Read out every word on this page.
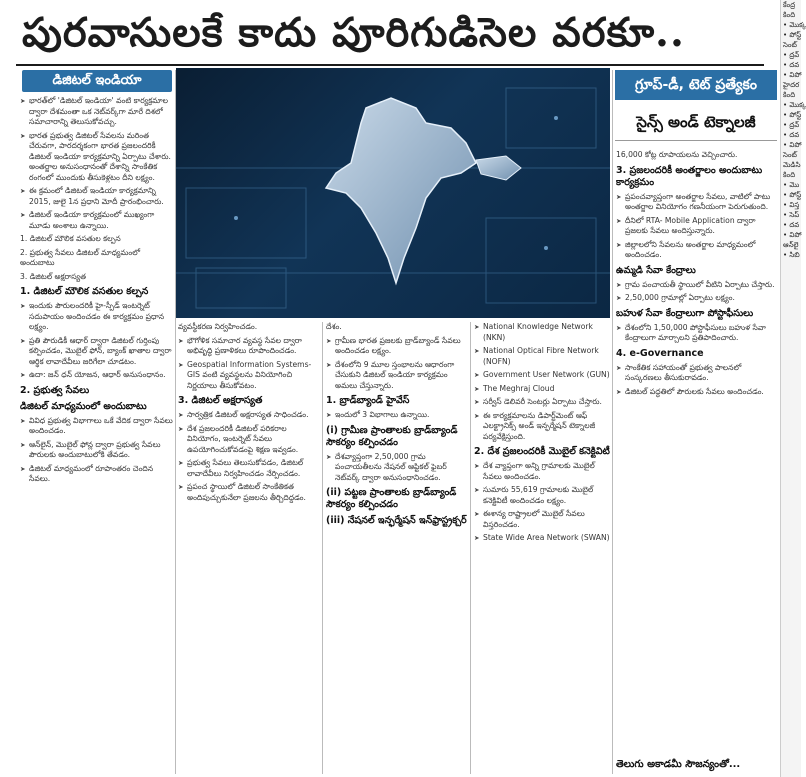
పురవాసులకే కాదు పూరిగుడిసెల వరకూ..
డిజిటల్ ఇండియా

➤ భారత్‌లో 'డిజిటల్ ఇండియా' వంటి కార్యక్రమాల ద్వారా దేశమంతా ఒక నెట్‌వర్క్‌గా మారే దిశలో సమాచారాన్ని తెలుసుకోవచ్చు.

➤ భారత ప్రభుత్వ డిజిటల్ సేవలను మరింత చేరువగా, పారదర్శకంగా భారత ప్రజలందరికీ డిజిటల్ ఇండియా కార్యక్రమాన్ని ఏర్పాటు చేశారు. అంతర్జాల అనుసంధానంతో దేశాన్ని సాంకేతిక రంగంలో ముందుకు తీసుకెళ్లటం దీని లక్ష్యం.

➤ ఈ క్రమంలో డిజిటల్ ఇండియా కార్యక్రమాన్ని 2015, జులై 1న ప్రధాని మోదీ ప్రారంభించారు.

➤ డిజిటల్ ఇండియా కార్యక్రమంలో ముఖ్యంగా మూడు అంశాలు ఉన్నాయి.

1. డిజిటల్ మౌలిక వసతుల కల్పన

2. ప్రభుత్వ సేవలు డిజిటల్ మాధ్యమంలో అందుబాటు

3. డిజిటల్ అక్షరాస్యత

1. డిజిటల్ మౌలిక వసతుల కల్పన

➤ ఇందుకు పౌరులందరికీ హై-స్పీడ్ ఇంటర్నెట్ సదుపాయం అందించడం ఈ కార్యక్రమం ప్రధాన లక్ష్యం.

➤ ప్రతి పౌరుడికీ ఆధార్ ద్వారా డిజిటల్ గుర్తింపు కల్పించడం, మొబైల్ ఫోన్, బ్యాంక్ ఖాతాల ద్వారా ఆర్థిక లావాదేవీలు జరిగేలా చూడటం.

➤ ఉదా: జన్ ధన్ యోజన, ఆధార్ అనుసంధానం.

2. ప్రభుత్వ సేవలు
డిజిటల్ మాధ్యమంలో అందుబాటు

➤ వివిధ ప్రభుత్వ విభాగాలు ఒకే వేదిక ద్వారా సేవలు అందించడం.

➤ ఆన్‌లైన్, మొబైల్ ఫోన్ల ద్వారా ప్రభుత్వ సేవలు పౌరులకు అందుబాటులోకి తేవడం.

➤ డిజిటల్ మాధ్యమంలో రూపాంతరం చెందిన సేవలు.

వ్యవస్థీకరణ నిర్వహించడం.

➤ భౌగోళిక సమాచార వ్యవస్థ సేవల ద్వారా అభివృద్ధి ప్రణాళికలు రూపొందించడం.

➤ Geospatial Information Systems- GIS వంటి వ్యవస్థలను వినియోగించి నిర్ణయాలు తీసుకోవటం.

3. డిజిటల్ అక్షరాస్యత

➤ సార్వత్రిక డిజిటల్ అక్షరాస్యత సాధించడం.

➤ దేశ ప్రజలందరికీ డిజిటల్ పరికరాల వినియోగం, ఇంటర్నెట్ సేవలు ఉపయోగించుకోవడంపై శిక్షణ ఇవ్వడం.

➤ ప్రభుత్వ సేవలు తెలుసుకోవడం, డిజిటల్ లావాదేవీలు నిర్వహించడం నేర్పించడం.

➤ ప్రపంచ స్థాయిలో డిజిటల్ సాంకేతికత అందిపుచ్చుకునేలా ప్రజలను తీర్చిదిద్దడం.

దేశం.

➤ గ్రామీణ భారత ప్రజలకు బ్రాడ్‌బ్యాండ్ సేవలు అందించడం లక్ష్యం.

➤ దేశంలోని 9 మూల స్తంభాలను ఆధారంగా చేసుకుని డిజిటల్ ఇండియా కార్యక్రమం అమలు చేస్తున్నారు.

1. బ్రాడ్‌బ్యాండ్ హైవేస్

➤ ఇందులో 3 విభాగాలు ఉన్నాయి.

(i) గ్రామీణ ప్రాంతాలకు బ్రాడ్‌బ్యాండ్ సౌకర్యం కల్పించడం

➤ దేశవ్యాప్తంగా 2,50,000 గ్రామ పంచాయతీలను నేషనల్ ఆప్టికల్ ఫైబర్ నెట్‌వర్క్ ద్వారా అనుసంధానించడం.

(ii) పట్టణ ప్రాంతాలకు బ్రాడ్‌బ్యాండ్ సౌకర్యం కల్పించడం
(iii) నేషనల్ ఇన్ఫర్మేషన్ ఇన్‌ఫ్రాస్ట్రక్చర్

➤ National Knowledge Network (NKN)

➤ National Optical Fibre Network (NOFN)

➤ Government User Network (GUN)

➤ The Meghraj Cloud

➤ సర్వీస్ డెలివరీ సెంటర్లు ఏర్పాటు చేస్తారు.

➤ ఈ కార్యక్రమాలను డిపార్ట్‌మెంట్ ఆఫ్ ఎలక్ట్రానిక్స్ అండ్ ఇన్ఫర్మేషన్ టెక్నాలజీ పర్యవేక్షిస్తుంది.

2. దేశ ప్రజలందరికీ మొబైల్ కనెక్టివిటీ

➤ దేశ వ్యాప్తంగా అన్ని గ్రామాలకు మొబైల్ సేవలు అందించడం.

➤ సుమారు 55,619 గ్రామాలకు మొబైల్ కనెక్టివిటీ అందించడం లక్ష్యం.

➤ ఈశాన్య రాష్ట్రాలలో మొబైల్ సేవలు విస్తరించడం.

➤ State Wide Area Network (SWAN)

గ్రూప్-డీ, టెట్ ప్రత్యేకం
సైన్స్ అండ్ టెక్నాలజీ

16,000 కోట్ల రూపాయలను వెచ్చించారు.

3. ప్రజలందరికీ అంతర్జాలం అందుబాటు కార్యక్రమం

➤ ప్రపంచవ్యాప్తంగా అంతర్జాల సేవలు, వాటిలో పాటు అంతర్జాల వినియోగం గణనీయంగా పెరుగుతుంది.

➤ దీనిలో RTA- Mobile Application ద్వారా ప్రజలకు సేవలు అందిస్తున్నారు.

➤ జిల్లాలలోని సేవలను అంతర్జాల మాధ్యమంలో అందించడం.

ఉమ్మడి సేవా కేంద్రాలు

➤ గ్రామ పంచాయతీ స్థాయిలో వీటిని ఏర్పాటు చేస్తారు.

➤ 2,50,000 గ్రామాల్లో ఏర్పాటు లక్ష్యం.

బహుళ సేవా కేంద్రాలుగా పోస్టాఫీసులు

➤ దేశంలోని 1,50,000 పోస్టాఫీసులు బహుళ సేవా కేంద్రాలుగా మార్చాలని ప్రతిపాదించారు.

4. e-Governance

➤ సాంకేతిక సహాయంతో ప్రభుత్వ పాలనలో సంస్కరణలు తీసుకురావడం.

➤ డిజిటల్ పద్ధతిలో పౌరులకు సేవలు అందించడం.

తెలుగు అకాడమీ సౌజన్యంతో...
కేంద్ర
కింది
• మొక్క
• పోస్ట్
సెంట్
• ద్రవ్
• దవ
• విపో
హైదర
కింది
• మొక్క
• పోస్ట్
• ద్రవ్
• దవ
• విపో
సెంట్
మెడిసి
కింది
• మొ
• పోస్ట్
• విస్త
• సెప్
• దవ
• విపో
ఆన్‌లై
• సిబి
